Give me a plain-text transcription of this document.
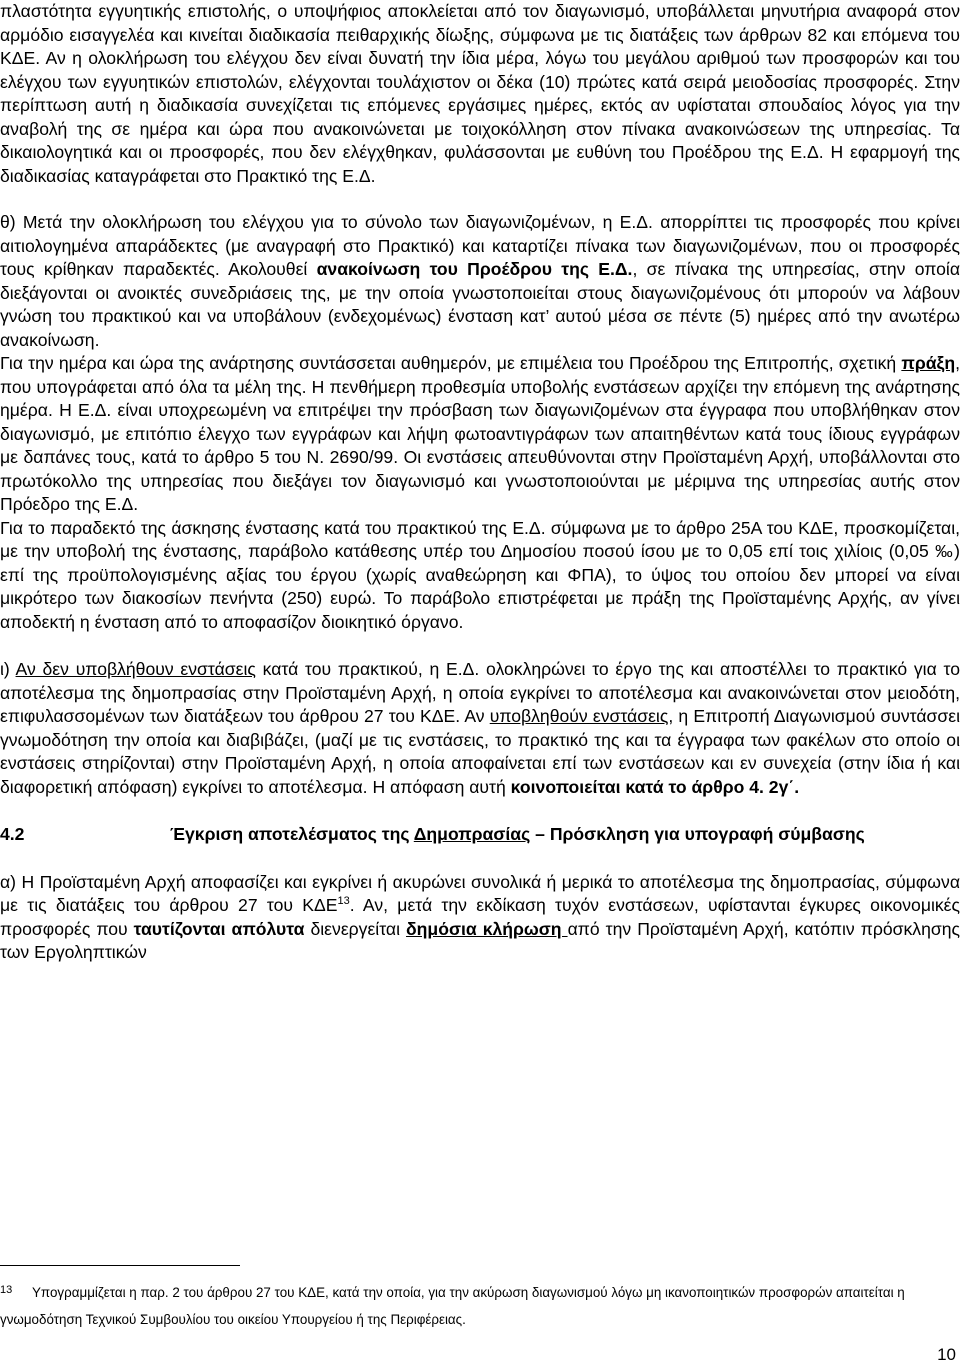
πλαστότητα εγγυητικής επιστολής, ο υποψήφιος αποκλείεται από τον διαγωνισμό, υποβάλλεται μηνυτήρια αναφορά στον αρμόδιο εισαγγελέα και κινείται διαδικασία πειθαρχικής δίωξης, σύμφωνα με τις διατάξεις των άρθρων 82 και επόμενα του ΚΔΕ. Αν η ολοκλήρωση του ελέγχου δεν είναι δυνατή την ίδια μέρα, λόγω του μεγάλου αριθμού των προσφορών και του ελέγχου των εγγυητικών επιστολών, ελέγχονται τουλάχιστον οι δέκα (10) πρώτες κατά σειρά μειοδοσίας προσφορές. Στην περίπτωση αυτή η διαδικασία συνεχίζεται τις επόμενες εργάσιμες ημέρες, εκτός αν υφίσταται σπουδαίος λόγος για την αναβολή της σε ημέρα και ώρα που ανακοινώνεται με τοιχοκόλληση στον πίνακα ανακοινώσεων της υπηρεσίας. Τα δικαιολογητικά και οι προσφορές, που δεν ελέγχθηκαν, φυλάσσονται με ευθύνη του Προέδρου της Ε.Δ. Η εφαρμογή της διαδικασίας καταγράφεται στο Πρακτικό της Ε.Δ.

θ) Μετά την ολοκλήρωση του ελέγχου για το σύνολο των διαγωνιζομένων, η Ε.Δ. απορρίπτει τις προσφορές που κρίνει αιτιολογημένα απαράδεκτες (με αναγραφή στο Πρακτικό) και καταρτίζει πίνακα των διαγωνιζομένων, που οι προσφορές τους κρίθηκαν παραδεκτές. Ακολουθεί ανακοίνωση του Προέδρου της Ε.Δ., σε πίνακα της υπηρεσίας, στην οποία διεξάγονται οι ανοικτές συνεδριάσεις της, με την οποία γνωστοποιείται στους διαγωνιζομένους ότι μπορούν να λάβουν γνώση του πρακτικού και να υποβάλουν (ενδεχομένως) ένσταση κατ’ αυτού μέσα σε πέντε (5) ημέρες από την ανωτέρω ανακοίνωση.

Για την ημέρα και ώρα της ανάρτησης συντάσσεται αυθημερόν, με επιμέλεια του Προέδρου της Επιτροπής, σχετική πράξη, που υπογράφεται από όλα τα μέλη της. Η πενθήμερη προθεσμία υποβολής ενστάσεων αρχίζει την επόμενη της ανάρτησης ημέρα. Η Ε.Δ. είναι υποχρεωμένη να επιτρέψει την πρόσβαση των διαγωνιζομένων στα έγγραφα που υποβλήθηκαν στον διαγωνισμό, με επιτόπιο έλεγχο των εγγράφων και λήψη φωτοαντιγράφων των απαιτηθέντων κατά τους ίδιους εγγράφων με δαπάνες τους, κατά το άρθρο 5 του Ν. 2690/99. Οι ενστάσεις απευθύνονται στην Προϊσταμένη Αρχή, υποβάλλονται στο πρωτόκολλο της υπηρεσίας που διεξάγει τον διαγωνισμό και γνωστοποιούνται με μέριμνα της υπηρεσίας αυτής στον Πρόεδρο της Ε.Δ.

Για το παραδεκτό της άσκησης ένστασης κατά του πρακτικού της Ε.Δ. σύμφωνα με το άρθρο 25Α του ΚΔΕ, προσκομίζεται, με την υποβολή της ένστασης, παράβολο κατάθεσης υπέρ του Δημοσίου ποσού ίσου με το 0,05 επί τοις χιλίοις (0,05 ‰) επί της προϋπολογισμένης αξίας του έργου (χωρίς αναθεώρηση και ΦΠΑ), το ύψος του οποίου δεν μπορεί να είναι μικρότερο των διακοσίων πενήντα (250) ευρώ. Το παράβολο επιστρέφεται με πράξη της Προϊσταμένης Αρχής, αν γίνει αποδεκτή η ένσταση από το αποφασίζον διοικητικό όργανο.

ι) Αν δεν υποβλήθουν ενστάσεις κατά του πρακτικού, η Ε.Δ. ολοκληρώνει το έργο της και αποστέλλει το πρακτικό για το αποτέλεσμα της δημοπρασίας στην Προϊσταμένη Αρχή, η οποία εγκρίνει το αποτέλεσμα και ανακοινώνεται στον μειοδότη, επιφυλασσομένων των διατάξεων του άρθρου 27 του ΚΔΕ. Αν υποβληθούν ενστάσεις, η Επιτροπή Διαγωνισμού συντάσσει γνωμοδότηση την οποία και διαβιβάζει, (μαζί με τις ενστάσεις, το πρακτικό της και τα έγγραφα των φακέλων στο οποίο οι ενστάσεις στηρίζονται) στην Προϊσταμένη Αρχή, η οποία αποφαίνεται επί των ενστάσεων και εν συνεχεία (στην ίδια ή και διαφορετική απόφαση) εγκρίνει το αποτέλεσμα. Η απόφαση αυτή κοινοποιείται κατά το άρθρο 4. 2γ΄.

4.2	Έγκριση αποτελέσματος της Δημοπρασίας – Πρόσκληση για υπογραφή σύμβασης

α) Η Προϊσταμένη Αρχή αποφασίζει και εγκρίνει ή ακυρώνει συνολικά ή μερικά το αποτέλεσμα της δημοπρασίας, σύμφωνα με τις διατάξεις του άρθρου 27 του ΚΔΕ$^{13}$. Αν, μετά την εκδίκαση τυχόν ενστάσεων, υφίστανται έγκυρες οικονομικές προσφορές που ταυτίζονται απόλυτα διενεργείται δημόσια κλήρωση από την Προϊσταμένη Αρχή, κατόπιν πρόσκλησης των Εργοληπτικών

13 Υπογραμμίζεται η παρ. 2 του άρθρου 27 του ΚΔΕ, κατά την οποία, για την ακύρωση διαγωνισμού λόγω μη ικανοποιητικών προσφορών απαιτείται η γνωμοδότηση Τεχνικού Συμβουλίου του οικείου Υπουργείου ή της Περιφέρειας.
10
